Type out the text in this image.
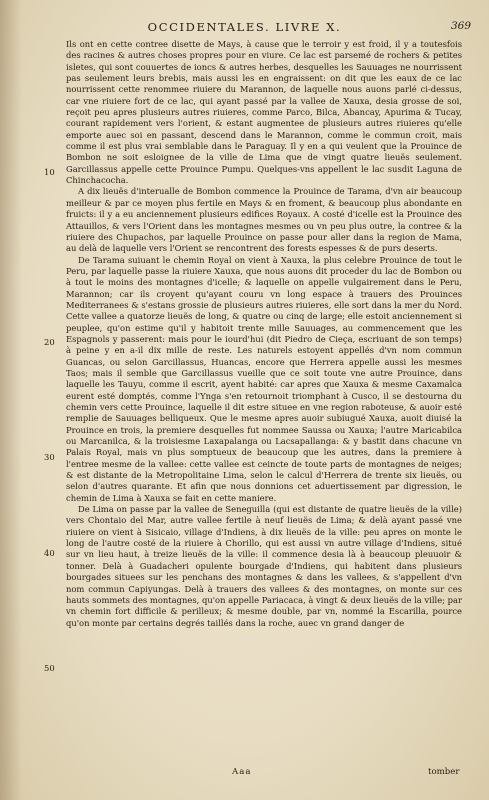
OCCIDENTALES. LIVRE X.	369

Ils ont en cette contree disette de Mays, à cause que le terroir y est froid, il y a toutesfois des racines & autres choses propres pour en viure. Ce lac est parsemé de rochers & petites isletes, qui sont couuertes de ioncs & autres herbes, desquelles les Sauuages ne nourrissent pas seulement leurs brebis, mais aussi les en engraissent: on dit que les eaux de ce lac nourrissent cette renommee riuiere du Marannon, de laquelle nous auons parlé ci-dessus, car vne riuiere fort de ce lac, qui ayant passé par la vallee de Xauxa, desia grosse de soi, reçoit peu apres plusieurs autres riuieres, comme Parco, Bilca, Abancay, Apurima & Tucay, courant rapidement vers l'orient, & estant augmentee de plusieurs autres riuieres qu'elle emporte auec soi en passant, descend dans le Marannon, comme le commun croit, mais comme il est plus vrai semblable dans le Paraguay. Il y en a qui veulent que la Prouince de Bombon ne soit esloignee de la ville de Lima que de vingt quatre lieuës seulement. Garcillassus appelle cette Prouince Pumpu. Quelques-vns appellent le lac susdit Laguna de Chinchacocha.

A dix lieuës d'interualle de Bombon commence la Prouince de Tarama, d'vn air beaucoup meilleur & par ce moyen plus fertile en Mays & en froment, & beaucoup plus abondante en fruicts: il y a eu anciennement plusieurs edifices Royaux. A costé d'icelle est la Prouince des Attauillos, & vers l'Orient dans les montagnes mesmes ou vn peu plus outre, la contree & la riuiere des Chupachos, par laquelle Prouince on passe pour aller dans la region de Mama, au delà de laquelle vers l'Orient se rencontrent des forests espesses & de purs deserts.

De Tarama suiuant le chemin Royal on vient à Xauxa, la plus celebre Prouince de tout le Peru, par laquelle passe la riuiere Xauxa, que nous auons dit proceder du lac de Bombon ou à tout le moins des montagnes d'icelle; & laquelle on appelle vulgairement dans le Peru, Marannon; car ils croyent qu'ayant couru vn long espace à trauers des Prouinces Mediterranees & s'estans grossie de plusieurs autres riuieres, elle sort dans la mer du Nord. Cette vallee a quatorze lieuës de long, & quatre ou cinq de large; elle estoit anciennement si peuplee, qu'on estime qu'il y habitoit trente mille Sauuages, au commencement que les Espagnols y passerent: mais pour le iourd'hui (dit Piedro de Cieça, escriuant de son temps) à peine y en a-il dix mille de reste. Les naturels estoyent appellés d'vn nom commun Guancas, ou selon Garcillassus, Huancas, encore que Herrera appelle aussi les mesmes Taos; mais il semble que Garcillassus vueille que ce soit toute vne autre Prouince, dans laquelle les Tauyu, comme il escrit, ayent habité: car apres que Xauxa & mesme Caxamalca eurent esté domptés, comme l'Ynga s'en retournoit triomphant à Cusco, il se destourna du chemin vers cette Prouince, laquelle il dit estre situee en vne region raboteuse, & auoir esté remplie de Sauuages belliqueux. Que le mesme apres auoir subiugué Xauxa, auoit diuisé la Prouince en trois, la premiere desquelles fut nommee Saussa ou Xauxa; l'autre Maricabilca ou Marcanilca, & la troisiesme Laxapalanga ou Lacsapallanga: & y bastit dans chacune vn Palais Royal, mais vn plus somptueux de beaucoup que les autres, dans la premiere à l'entree mesme de la vallee: cette vallee est ceincte de toute parts de montagnes de neiges; & est distante de la Metropolitaine Lima, selon le calcul d'Herrera de trente six lieuës, ou selon d'autres quarante. Et afin que nous donnions cet aduertissement par digression, le chemin de Lima à Xauxa se fait en cette maniere.

De Lima on passe par la vallee de Seneguilla (qui est distante de quatre lieuës de la ville) vers Chontaio del Mar, autre vallee fertile à neuf lieuës de Lima; & delà ayant passé vne riuiere on vient à Sisicaio, village d'Indiens, à dix lieuës de la ville: peu apres on monte le long de l'autre costé de la riuiere à Chorillo, qui est aussi vn autre village d'Indiens, situé sur vn lieu haut, à treize lieuës de la ville: il commence desia là à beaucoup pleuuoir & tonner. Delà à Guadacheri opulente bourgade d'Indiens, qui habitent dans plusieurs bourgades situees sur les penchans des montagnes & dans les vallees, & s'appellent d'vn nom commun Capiyungas. Delà à trauers des vallees & des montagnes, on monte sur ces hauts sommets des montagnes, qu'on appelle Pariacaca, à vingt & deux lieuës de la ville; par vn chemin fort difficile & perilleux; & mesme double, par vn, nommé la Escarilla, pource qu'on monte par certains degrés taillés dans la roche, auec vn grand danger de

10
20
30
40
50
Aaa	tomber
